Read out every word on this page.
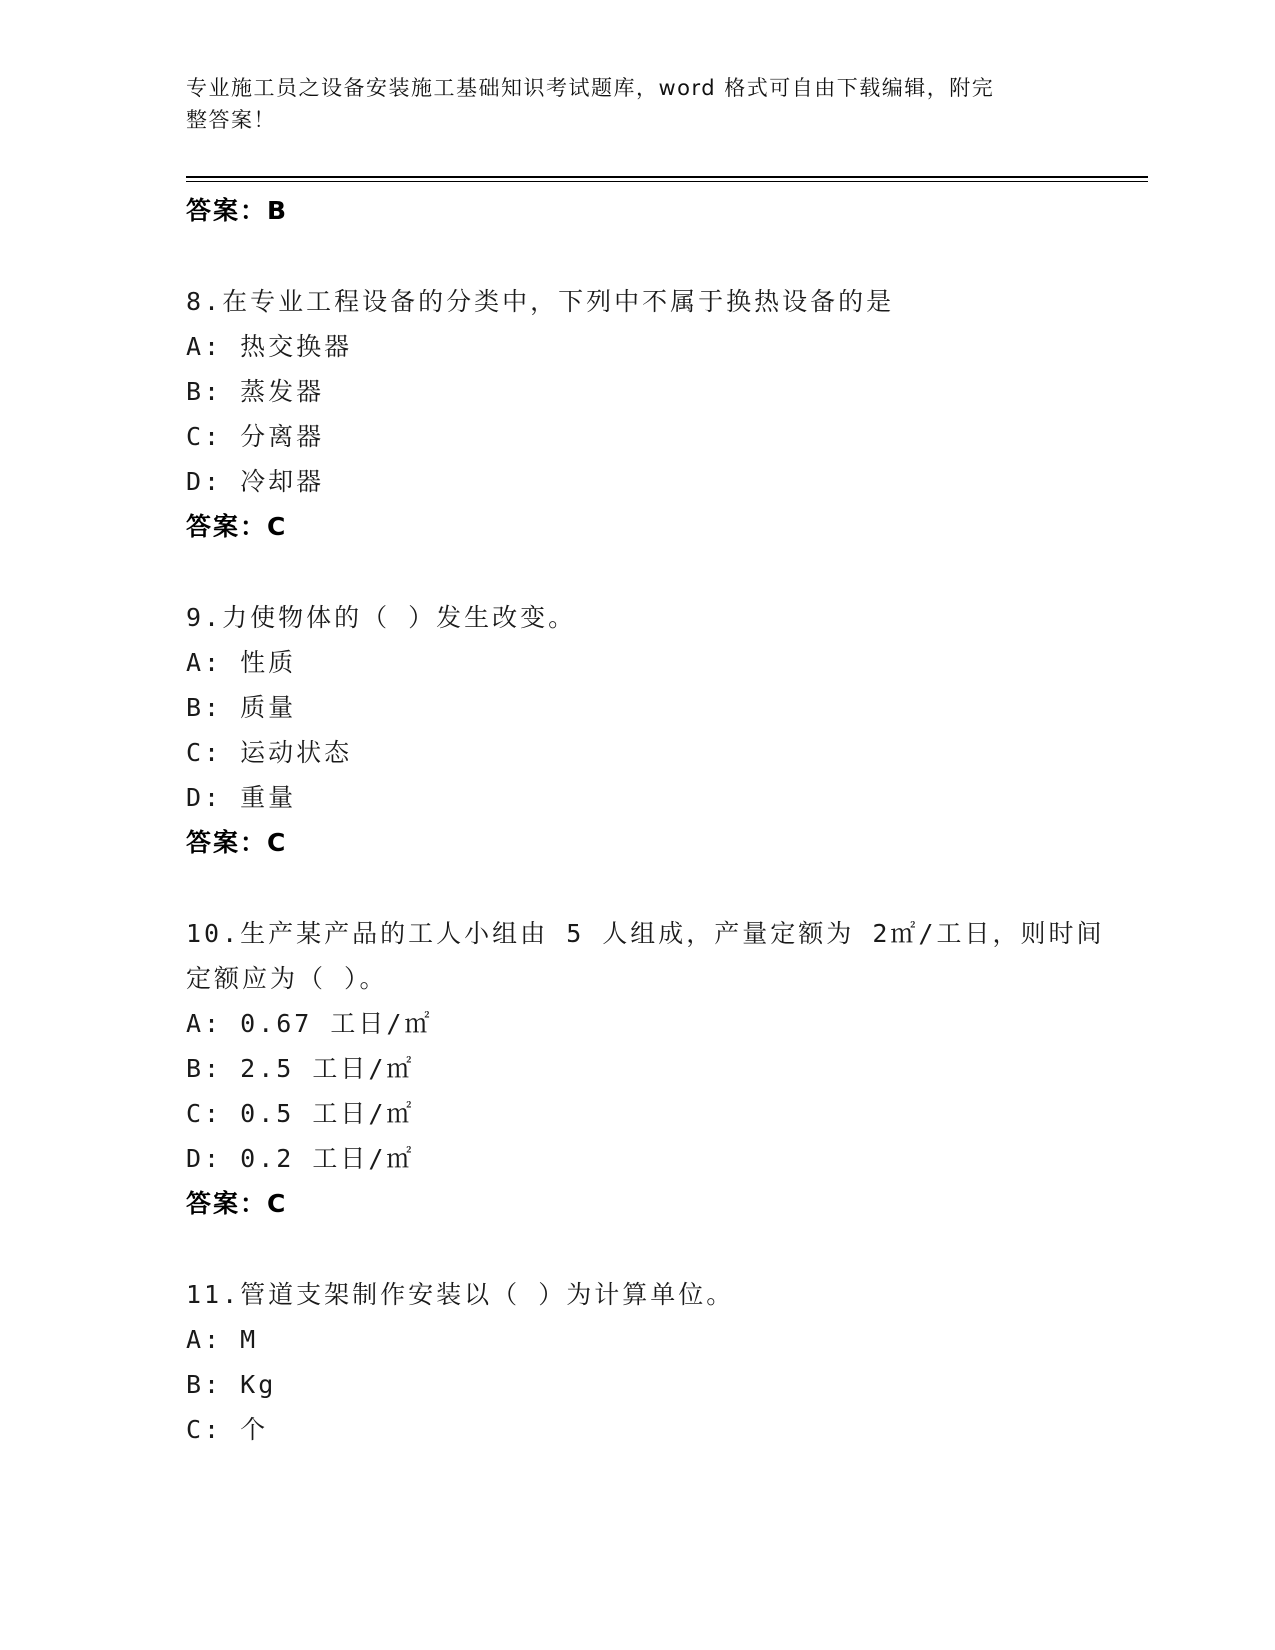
专业施工员之设备安装施工基础知识考试题库，word 格式可自由下载编辑，附完
整答案！
答案：B
8.在专业工程设备的分类中，下列中不属于换热设备的是
A: 热交换器
B: 蒸发器
C: 分离器
D: 冷却器
答案：C
9.力使物体的（ ）发生改变。
A: 性质
B: 质量
C: 运动状态
D: 重量
答案：C
10.生产某产品的工人小组由 5 人组成，产量定额为 2㎡/工日，则时间
定额应为（ ）。
A: 0.67 工日/㎡
B: 2.5 工日/㎡
C: 0.5 工日/㎡
D: 0.2 工日/㎡
答案：C
11.管道支架制作安装以（ ）为计算单位。
A: M
B: Kg
C: 个
